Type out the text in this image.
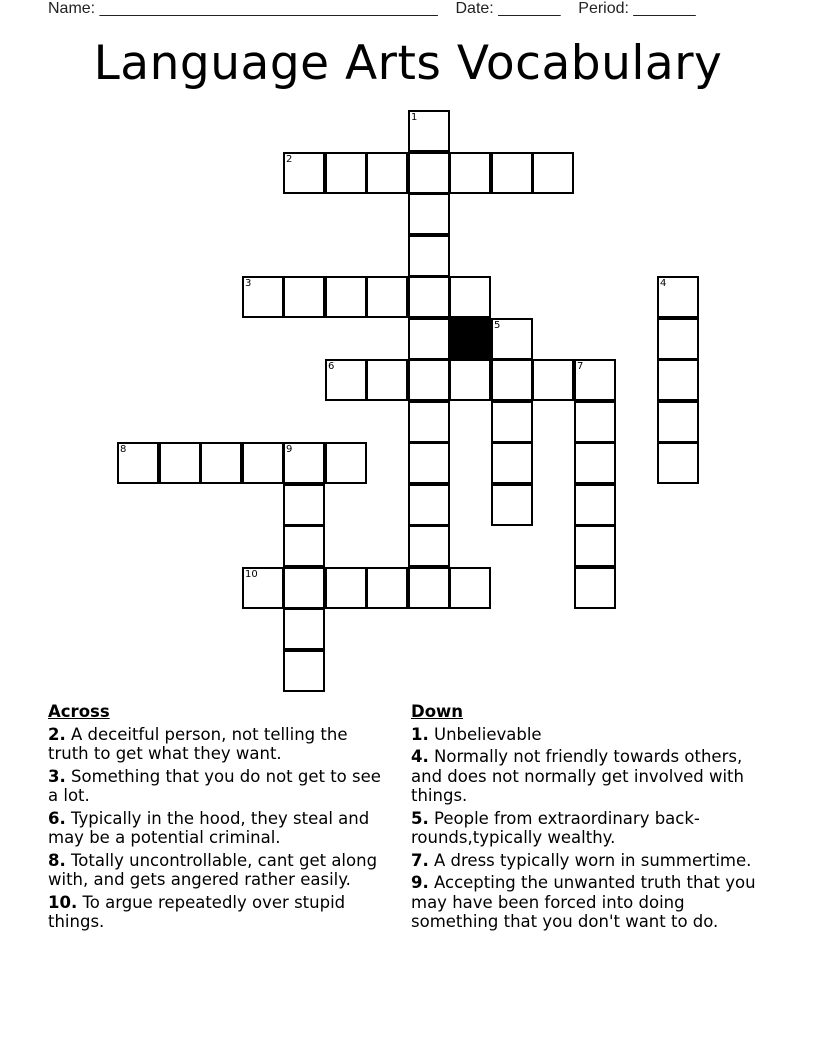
Name: ______________________________________ Date: _______ Period: _______
Language Arts Vocabulary
1
2
3	4
5
6	7
8	9
10
Across
2. A deceitful person, not telling the truth to get what they want.
3. Something that you do not get to see a lot.
6. Typically in the hood, they steal and may be a potential criminal.
8. Totally uncontrollable, cant get along with, and gets angered rather easily.
10. To argue repeatedly over stupid things.
Down
1. Unbelievable
4. Normally not friendly towards others, and does not normally get involved with things.
5. People from extraordinary back-rounds,typically wealthy.
7. A dress typically worn in summertime.
9. Accepting the unwanted truth that you may have been forced into doing something that you don't want to do.
